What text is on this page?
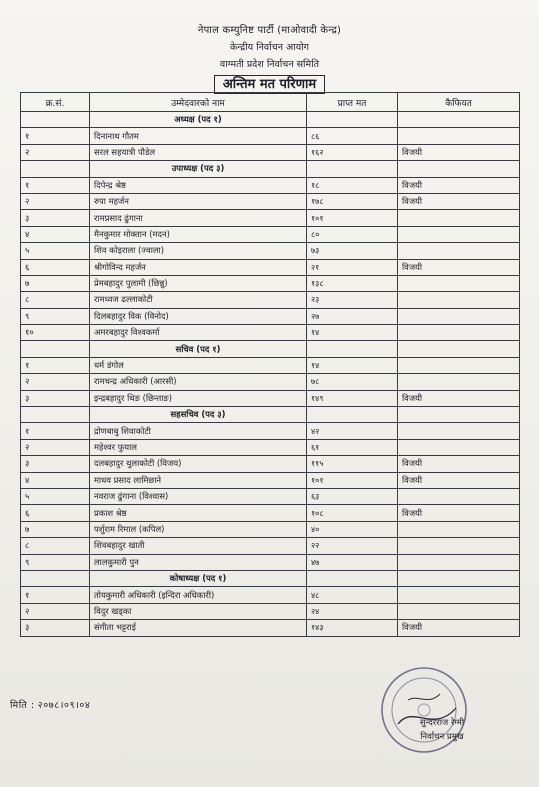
नेपाल कम्युनिष्ट पार्टी (माओवादी केन्द्र)
केन्द्रीय निर्वाचन आयोग
वाग्मती प्रदेश निर्वाचन समिति
अन्तिम मत परिणाम
क्र.सं.	उम्मेदवारको नाम	प्राप्त मत	कैफियत
	अध्यक्ष (पद १)		
१	दिनानाथ गौतम	८६	
२	सरल सहयात्री पौडेल	१६२	विजयी
	उपाध्यक्ष (पद ३)		
१	दिपेन्द्र श्रेष्ठ	१८	विजयी
२	रुपा महर्जन	१७८	विजयी
३	रामप्रसाद ढुंगाना	१०१	
४	मैनकुमार मोक्तान (मदन)	८०	
५	शिव कोइराला (ज्वाला)	७३	
६	श्रीगोविन्द महर्जन	२१	विजयी
७	प्रेमबहादुर पुलामी (छिन्नु)	१३८	
८	रामध्वज ढल्लाकोटी	२३	
९	दिलबहादुर विक (विनोद)	२७	
१०	अमरबहादुर विश्वकर्मा	१४	
	सचिव (पद १)		
१	धर्म डंगोल	१४	
२	रामचन्द्र अधिकारी (आरसी)	७८	
३	इन्द्रबहादुर थिङ (छिन्ताङ)	१४९	विजयी
	सहसचिव (पद ३)		
१	द्रोणबाबु शिवाकोटी	४२	
२	महेश्वर फुयाल	६१	
३	दलबहादुर थुलाकोटी (विजय)	११५	विजयी
४	माधव प्रसाद लामिछाने	१०१	विजयी
५	नवराज ढुंगाना (विश्वास)	६३	
६	प्रकाश श्रेष्ठ	१०८	विजयी
७	पर्शुराम रिमाल (कपिल)	४०	
८	शिवबहादुर खाती	२२	
९	लालकुमारी पुन	४७	
	कोषाध्यक्ष (पद १)		
१	तोयकुमारी अधिकारी (इन्दिरा अधिकारी)	४८	
२	विदुर खड्का	२४	
३	संगीता भट्टराई	१४३	विजयी
मिति : २०७८।०९।०४
सुन्दरराज रेग्मी
निर्वाचन प्रमुख
